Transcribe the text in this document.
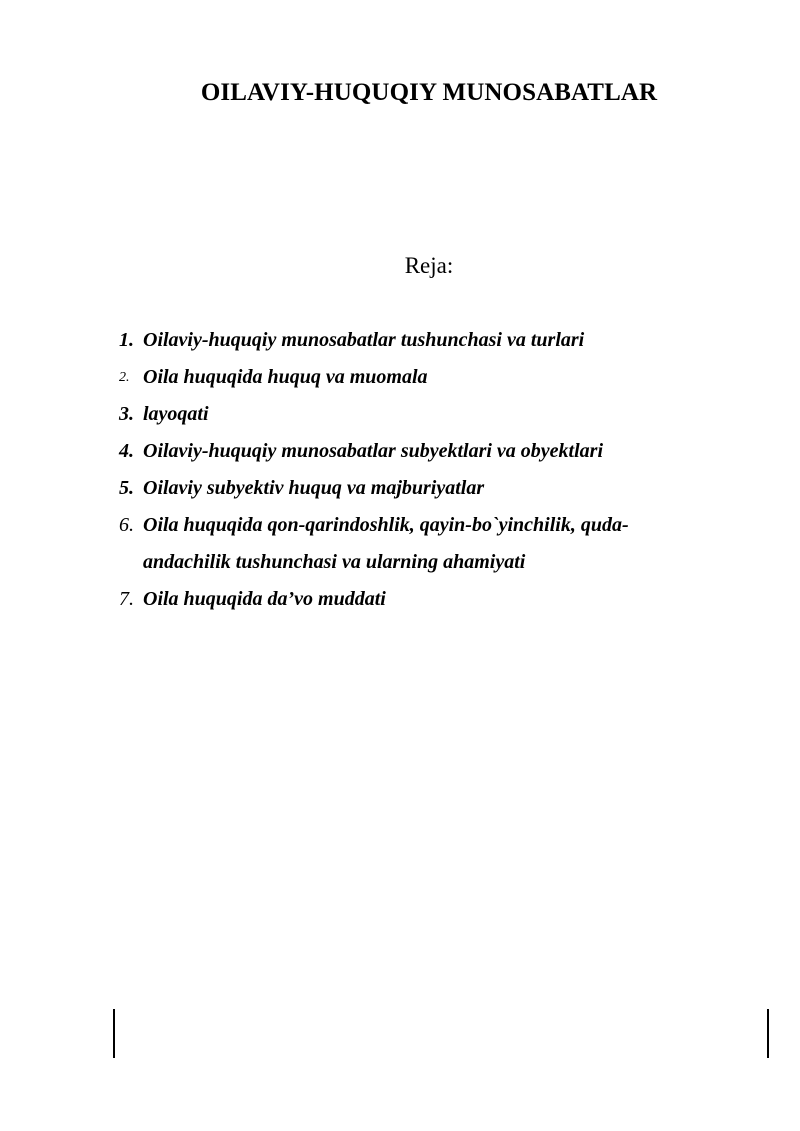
OILAVIY-HUQUQIY MUNOSABATLAR
Reja:
1. Oilaviy-huquqiy munosabatlar tushunchasi va turlari
2. Oila huquqida huquq va muomala
3. layoqati
4. Oilaviy-huquqiy munosabatlar subyektlari va obyektlari
5. Oilaviy subyektiv huquq va majburiyatlar
6. Oila huquqida qon-qarindoshlik, qayin-bo`yinchilik, quda-andachilik tushunchasi va ularning ahamiyati
7. Oila huquqida da’vo muddati
